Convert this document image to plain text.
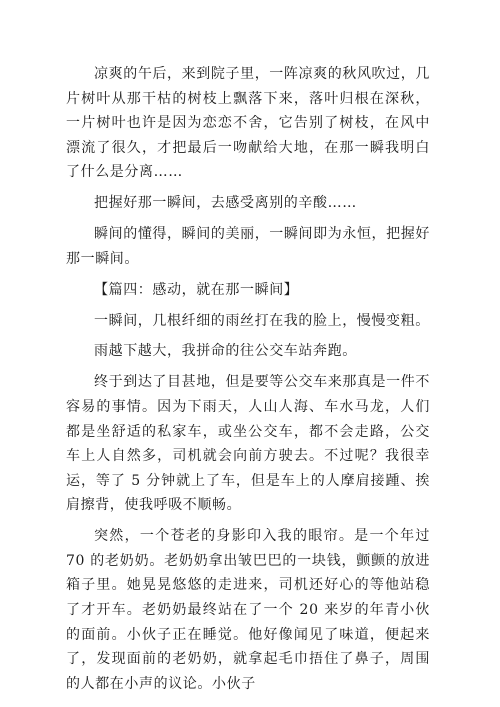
凉爽的午后，来到院子里，一阵凉爽的秋风吹过，几片树叶从那干枯的树枝上飘落下来，落叶归根在深秋，一片树叶也许是因为恋恋不舍，它告别了树枝，在风中漂流了很久，才把最后一吻献给大地，在那一瞬我明白了什么是分离……

把握好那一瞬间，去感受离别的辛酸……

瞬间的懂得，瞬间的美丽，一瞬间即为永恒，把握好那一瞬间。

【篇四：感动，就在那一瞬间】

一瞬间，几根纤细的雨丝打在我的脸上，慢慢变粗。

雨越下越大，我拼命的往公交车站奔跑。

终于到达了目甚地，但是要等公交车来那真是一件不容易的事情。因为下雨天，人山人海、车水马龙，人们都是坐舒适的私家车，或坐公交车，都不会走路，公交车上人自然多，司机就会向前方驶去。不过呢？我很幸运，等了 5 分钟就上了车，但是车上的人摩肩接踵、挨肩擦背，使我呼吸不顺畅。

突然，一个苍老的身影印入我的眼帘。是一个年过 70 的老奶奶。老奶奶拿出皱巴巴的一块钱，颤颤的放进箱子里。她晃晃悠悠的走进来，司机还好心的等他站稳了才开车。老奶奶最终站在了一个 20 来岁的年青小伙的面前。小伙子正在睡觉。他好像闻见了味道，便起来了，发现面前的老奶奶，就拿起毛巾捂住了鼻子，周围的人都在小声的议论。小伙子
